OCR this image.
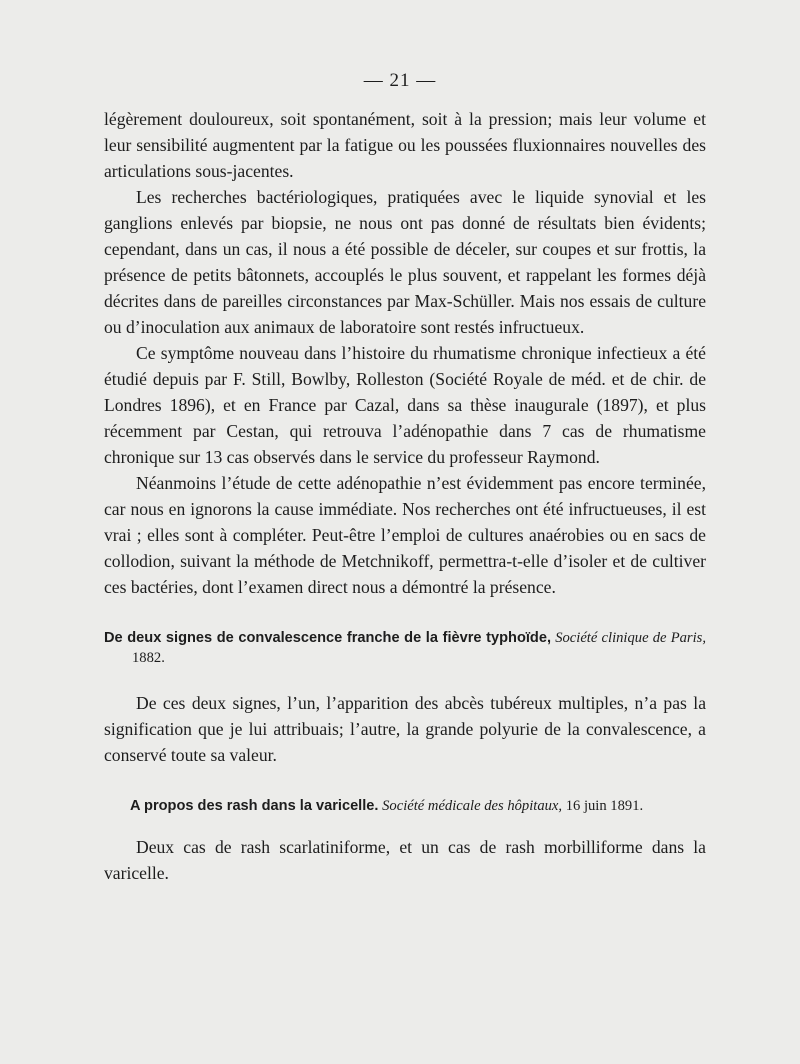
— 21 —

légèrement douloureux, soit spontanément, soit à la pression; mais leur volume et leur sensibilité augmentent par la fatigue ou les poussées fluxionnaires nouvelles des articulations sous-jacentes.

Les recherches bactériologiques, pratiquées avec le liquide synovial et les ganglions enlevés par biopsie, ne nous ont pas donné de résultats bien évidents; cependant, dans un cas, il nous a été possible de déceler, sur coupes et sur frottis, la présence de petits bâtonnets, accouplés le plus souvent, et rappelant les formes déjà décrites dans de pareilles circonstances par Max-Schüller. Mais nos essais de culture ou d’inoculation aux animaux de laboratoire sont restés infructueux.

Ce symptôme nouveau dans l’histoire du rhumatisme chronique infectieux a été étudié depuis par F. Still, Bowlby, Rolleston (Société Royale de méd. et de chir. de Londres 1896), et en France par Cazal, dans sa thèse inaugurale (1897), et plus récemment par Cestan, qui retrouva l’adénopathie dans 7 cas de rhumatisme chronique sur 13 cas observés dans le service du professeur Raymond.

Néanmoins l’étude de cette adénopathie n’est évidemment pas encore terminée, car nous en ignorons la cause immédiate. Nos recherches ont été infructueuses, il est vrai ; elles sont à compléter. Peut-être l’emploi de cultures anaérobies ou en sacs de collodion, suivant la méthode de Metchnikoff, permettra-t-elle d’isoler et de cultiver ces bactéries, dont l’examen direct nous a démontré la présence.

De deux signes de convalescence franche de la fièvre typhoïde, Société clinique de Paris, 1882.

De ces deux signes, l’un, l’apparition des abcès tubéreux multiples, n’a pas la signification que je lui attribuais; l’autre, la grande polyurie de la convalescence, a conservé toute sa valeur.

A propos des rash dans la varicelle. Société médicale des hôpitaux, 16 juin 1891.

Deux cas de rash scarlatiniforme, et un cas de rash morbilliforme dans la varicelle.
